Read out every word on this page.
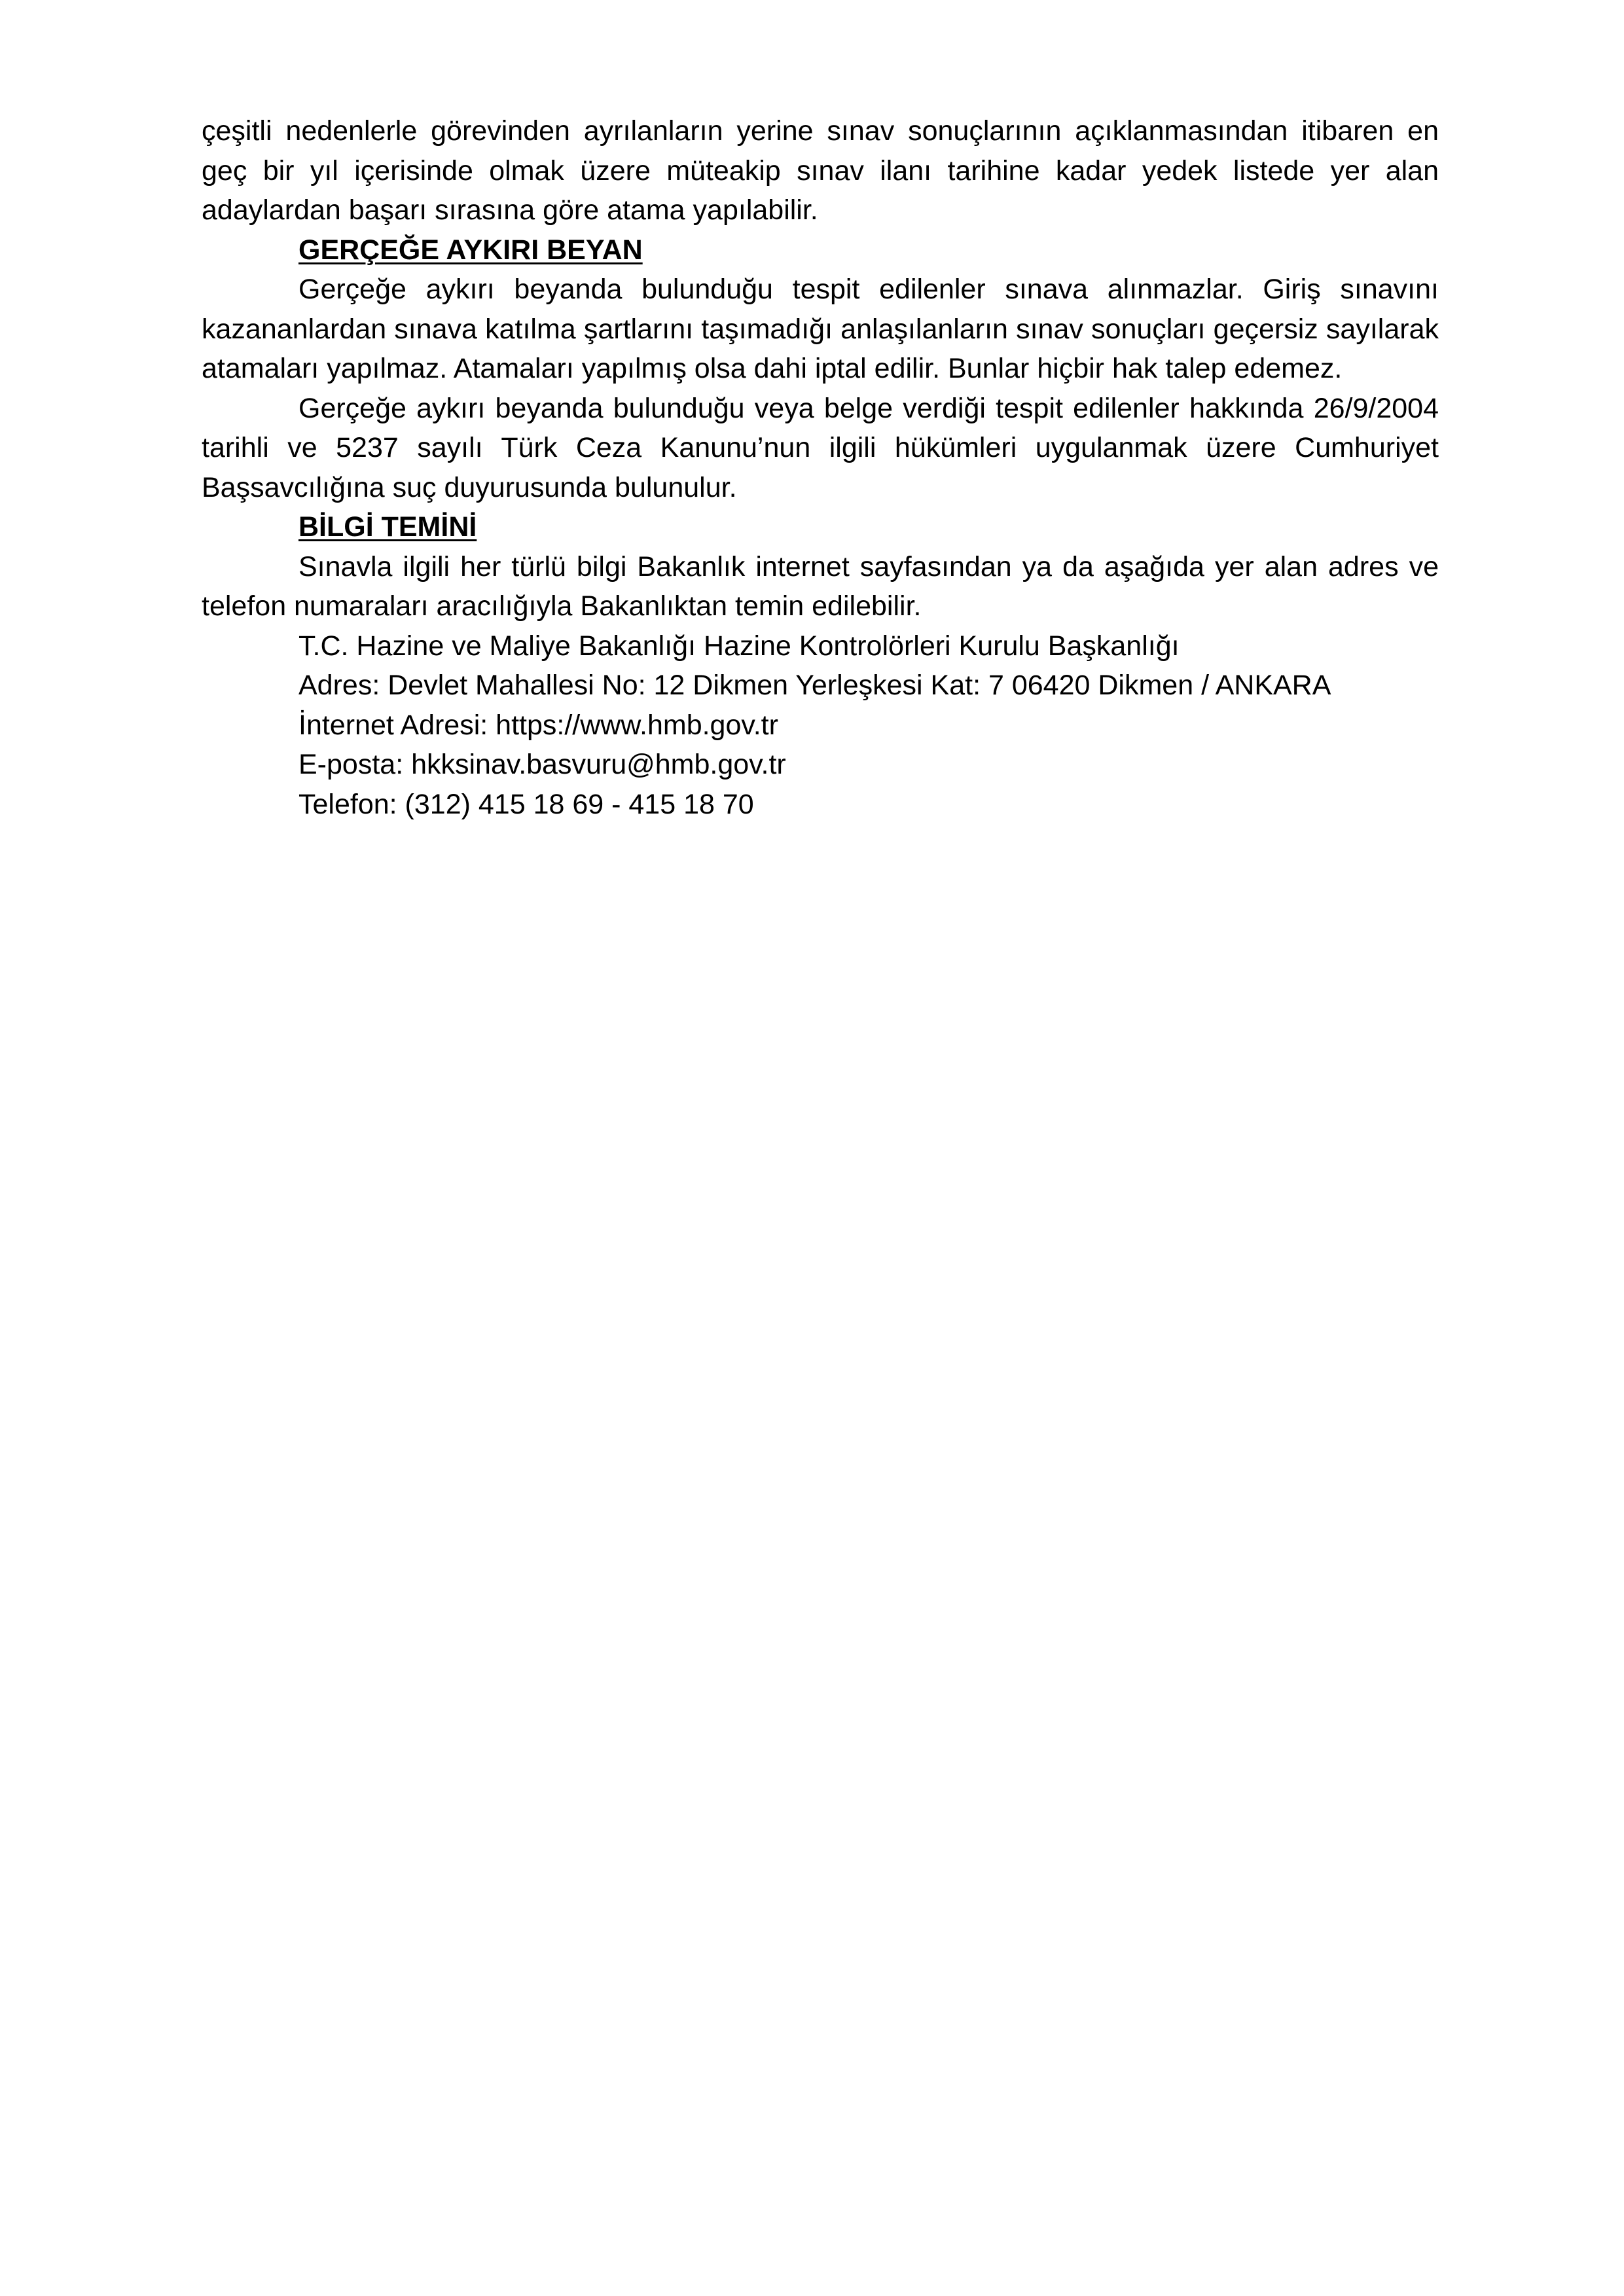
çeşitli nedenlerle görevinden ayrılanların yerine sınav sonuçlarının açıklanmasından itibaren en geç bir yıl içerisinde olmak üzere müteakip sınav ilanı tarihine kadar yedek listede yer alan adaylardan başarı sırasına göre atama yapılabilir.

GERÇEĞE AYKIRI BEYAN

Gerçeğe aykırı beyanda bulunduğu tespit edilenler sınava alınmazlar. Giriş sınavını kazananlardan sınava katılma şartlarını taşımadığı anlaşılanların sınav sonuçları geçersiz sayılarak atamaları yapılmaz. Atamaları yapılmış olsa dahi iptal edilir. Bunlar hiçbir hak talep edemez.

Gerçeğe aykırı beyanda bulunduğu veya belge verdiği tespit edilenler hakkında 26/9/2004 tarihli ve 5237 sayılı Türk Ceza Kanunu’nun ilgili hükümleri uygulanmak üzere Cumhuriyet Başsavcılığına suç duyurusunda bulunulur.

BİLGİ TEMİNİ

Sınavla ilgili her türlü bilgi Bakanlık internet sayfasından ya da aşağıda yer alan adres ve telefon numaraları aracılığıyla Bakanlıktan temin edilebilir.

T.C. Hazine ve Maliye Bakanlığı Hazine Kontrolörleri Kurulu Başkanlığı

Adres: Devlet Mahallesi No: 12 Dikmen Yerleşkesi Kat: 7 06420 Dikmen / ANKARA

İnternet Adresi: https://www.hmb.gov.tr

E-posta: hkksinav.basvuru@hmb.gov.tr

Telefon: (312) 415 18 69 - 415 18 70
